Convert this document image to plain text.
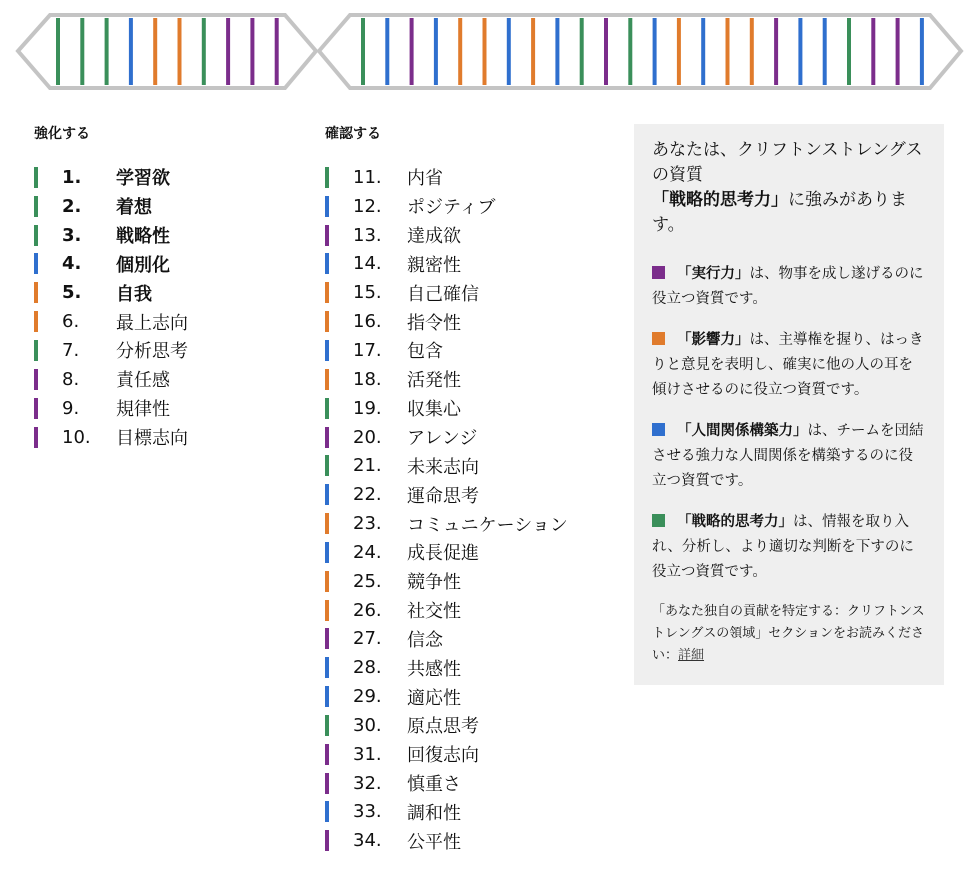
強化する
1.	学習欲
2.	着想
3.	戦略性
4.	個別化
5.	自我
6.	最上志向
7.	分析思考
8.	責任感
9.	規律性
10.	目標志向
確認する
11.	内省
12.	ポジティブ
13.	達成欲
14.	親密性
15.	自己確信
16.	指令性
17.	包含
18.	活発性
19.	収集心
20.	アレンジ
21.	未来志向
22.	運命思考
23.	コミュニケーション
24.	成長促進
25.	競争性
26.	社交性
27.	信念
28.	共感性
29.	適応性
30.	原点思考
31.	回復志向
32.	慎重さ
33.	調和性
34.	公平性

あなたは、クリフトンストレングス
の資質
「戦略的思考力」に強みがあります。

「実行力」は、物事を成し遂げるのに役立つ資質です。

「影響力」は、主導権を握り、はっきりと意見を表明し、確実に他の人の耳を傾けさせるのに役立つ資質です。

「人間関係構築力」は、チームを団結させる強力な人間関係を構築するのに役立つ資質です。

「戦略的思考力」は、情報を取り入れ、分析し、より適切な判断を下すのに役立つ資質です。

「あなた独自の貢献を特定する：クリフトンストレングスの領域」セクションをお読みください：詳細
